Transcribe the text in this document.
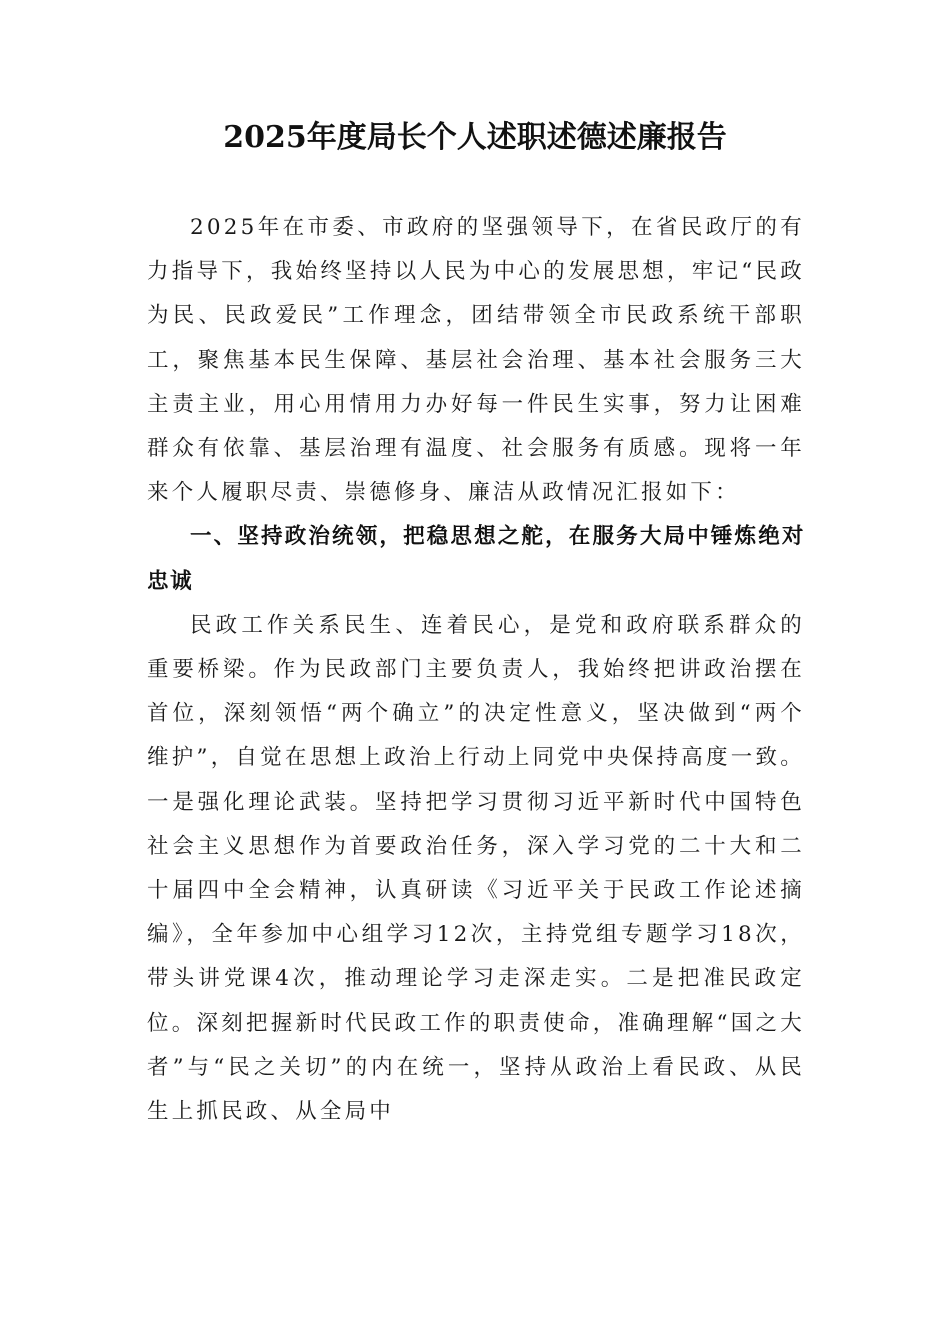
2025年度局长个人述职述德述廉报告

2025年在市委、市政府的坚强领导下，在省民政厅的有力指导下，我始终坚持以人民为中心的发展思想，牢记“民政为民、民政爱民”工作理念，团结带领全市民政系统干部职工，聚焦基本民生保障、基层社会治理、基本社会服务三大主责主业，用心用情用力办好每一件民生实事，努力让困难群众有依靠、基层治理有温度、社会服务有质感。现将一年来个人履职尽责、崇德修身、廉洁从政情况汇报如下：

一、坚持政治统领，把稳思想之舵，在服务大局中锤炼绝对忠诚

民政工作关系民生、连着民心，是党和政府联系群众的重要桥梁。作为民政部门主要负责人，我始终把讲政治摆在首位，深刻领悟“两个确立”的决定性意义，坚决做到“两个维护”，自觉在思想上政治上行动上同党中央保持高度一致。一是强化理论武装。坚持把学习贯彻习近平新时代中国特色社会主义思想作为首要政治任务，深入学习党的二十大和二十届四中全会精神，认真研读《习近平关于民政工作论述摘编》，全年参加中心组学习12次，主持党组专题学习18次，带头讲党课4次，推动理论学习走深走实。二是把准民政定位。深刻把握新时代民政工作的职责使命，准确理解“国之大者”与“民之关切”的内在统一，坚持从政治上看民政、从民生上抓民政、从全局中
